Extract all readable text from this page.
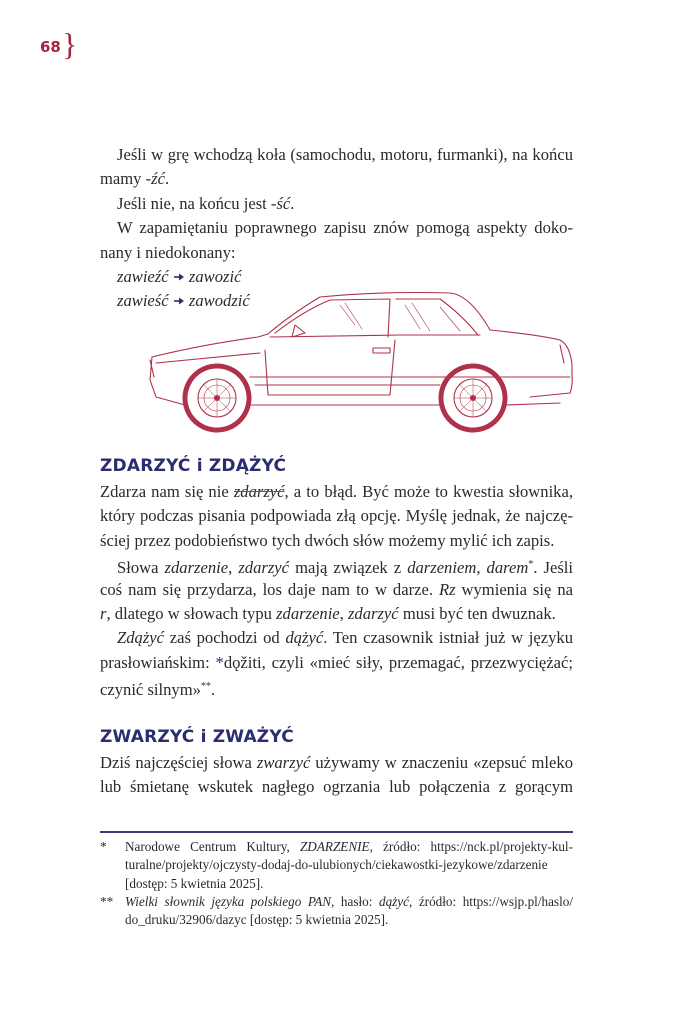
68 }
Jeśli w grę wchodzą koła (samochodu, motoru, furmanki), na końcu
mamy -źć.
Jeśli nie, na końcu jest -ść.
W zapamiętaniu poprawnego zapisu znów pomogą aspekty doko-
nany i niedokonany:
zawieźć  zawozić
zawieść  zawodzić
ZDARZYĆ i ZDĄŻYĆ
Zdarza nam się nie zdarzyć, a to błąd. Być może to kwestia słownika,
który podczas pisania podpowiada złą opcję. Myślę jednak, że najczę-
ściej przez podobieństwo tych dwóch słów możemy mylić ich zapis.
Słowa zdarzenie, zdarzyć mają związek z darzeniem, darem*. Jeśli
coś nam się przydarza, los daje nam to w darze. Rz wymienia się na
r, dlatego w słowach typu zdarzenie, zdarzyć musi być ten dwuznak.
Zdążyć zaś pochodzi od dążyć. Ten czasownik istniał już w języku
prasłowiańskim: *dǫžiti, czyli «mieć siły, przemagać, przezwyciężać;
czynić silnym»**.
ZWARZYĆ i ZWAŻYĆ
Dziś najczęściej słowa zwarzyć używamy w znaczeniu «zepsuć mleko
lub śmietanę wskutek nagłego ogrzania lub połączenia z gorącym
* Narodowe Centrum Kultury, ZDARZENIE, źródło: https://nck.pl/projekty-kul-
turalne/projekty/ojczysty-dodaj-do-ulubionych/ciekawostki-jezykowe/zdarzenie
[dostęp: 5 kwietnia 2025].
** Wielki słownik języka polskiego PAN, hasło: dążyć, źródło: https://wsjp.pl/haslo/
do_druku/32906/dazyc [dostęp: 5 kwietnia 2025].
